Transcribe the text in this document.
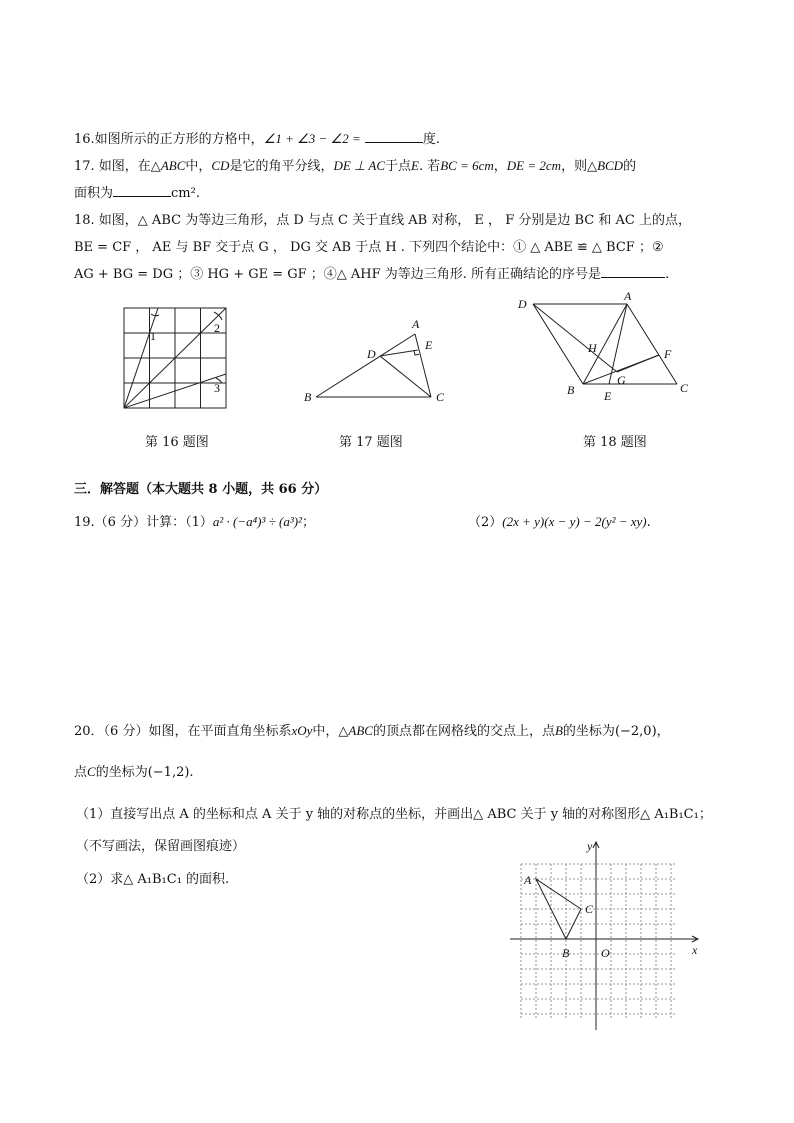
16.如图所示的正方形的方格中，∠1 + ∠3 − ∠2 =	度.
17. 如图，在△ABC中，CD是它的角平分线，DE ⊥ AC于点E. 若BC = 6cm，DE = 2cm，则△BCD的
面积为	cm².
18. 如图，△ ABC 为等边三角形，点 D 与点 C 关于直线 AB 对称， E ， F 分别是边 BC 和 AC 上的点，
BE = CF ， AE 与 BF 交于点 G ， DG 交 AB 于点 H . 下列四个结论中：① △ ABE ≌ △ BCF ；②
AG + BG = DG ；③ HG + GE = GF ；④△ AHF 为等边三角形. 所有正确结论的序号是	.
1
2
3
第 16 题图
A
B	C
D
E
第 17 题图
A
B	C
D
E
F
G
H
第 18 题图
三．解答题（本大题共 8 小题，共 66 分）
19.（6 分）计算：（1）a² · (−a⁴)³ ÷ (a³)²；	（2）(2x + y)(x − y) − 2(y² − xy).
20．（6 分）如图，在平面直角坐标系xOy中，△ABC的顶点都在网格线的交点上，点B的坐标为(−2,0)，
点C的坐标为(−1,2).
（1）直接写出点 A 的坐标和点 A 关于 y 轴的对称点的坐标，并画出△ ABC 关于 y 轴的对称图形△ A₁B₁C₁；
（不写画法，保留画图痕迹）
（2）求△ A₁B₁C₁ 的面积.	A
B
C
O	x
y
